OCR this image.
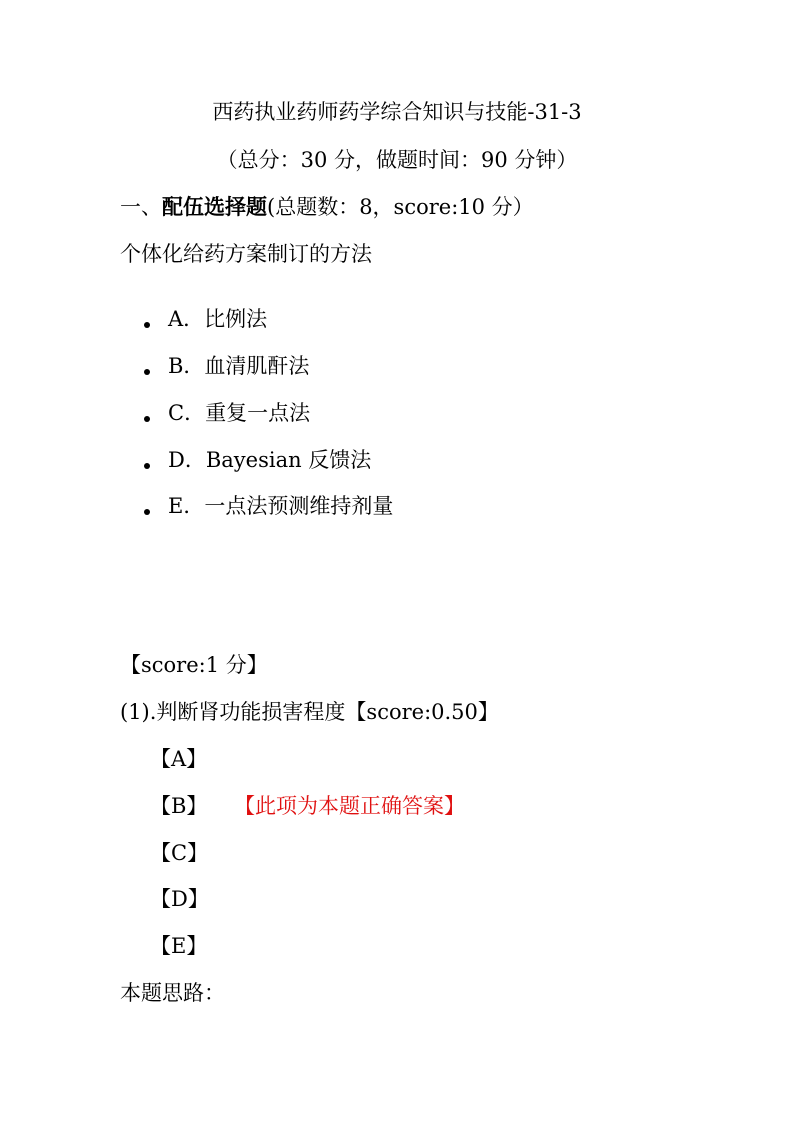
西药执业药师药学综合知识与技能-31-3
（总分：30 分，做题时间：90 分钟）
一、配伍选择题(总题数：8，score:10 分）
个体化给药方案制订的方法
A．比例法
B．血清肌酐法
C．重复一点法
D．Bayesian 反馈法
E．一点法预测维持剂量
【score:1 分】
(1).判断肾功能损害程度【score:0.50】
【A】
【B】 【此项为本题正确答案】
【C】
【D】
【E】
本题思路：
